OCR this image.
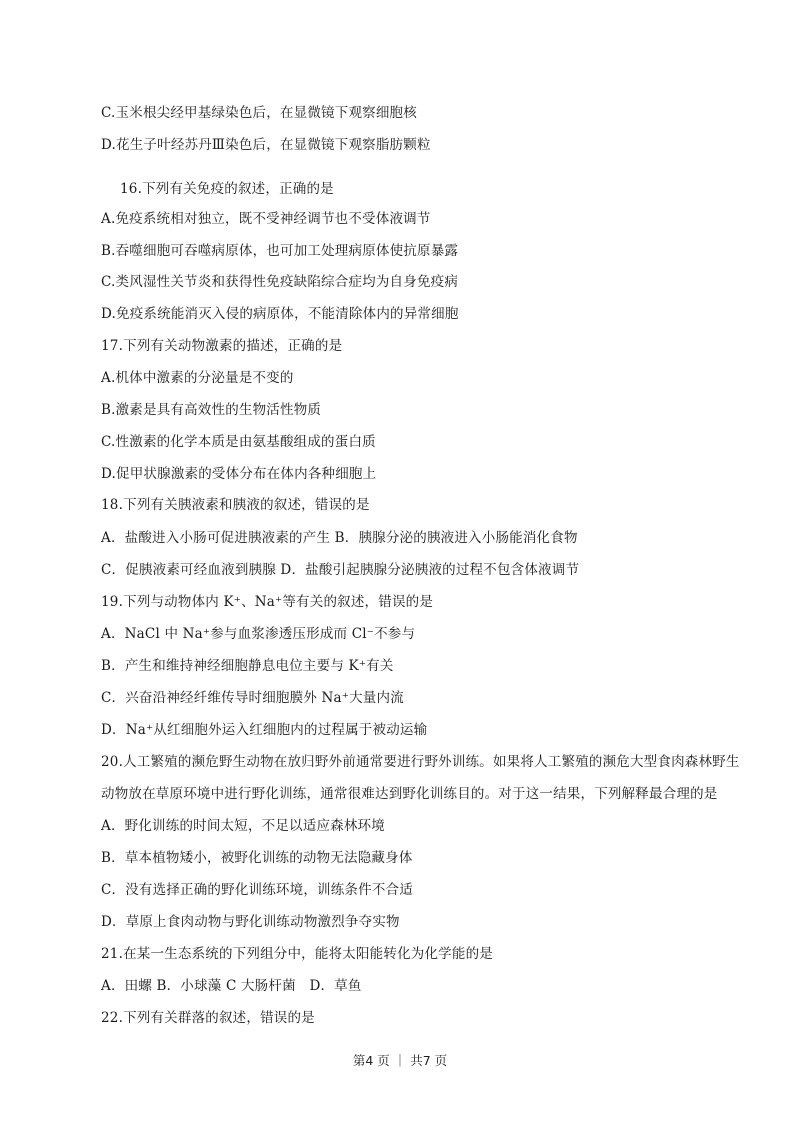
C.玉米根尖经甲基绿染色后，在显微镜下观察细胞核
D.花生子叶经苏丹Ⅲ染色后，在显微镜下观察脂肪颗粒
16.下列有关免疫的叙述，正确的是
A.免疫系统相对独立，既不受神经调节也不受体液调节
B.吞噬细胞可吞噬病原体，也可加工处理病原体使抗原暴露
C.类风湿性关节炎和获得性免疫缺陷综合症均为自身免疫病
D.免疫系统能消灭入侵的病原体，不能清除体内的异常细胞
17.下列有关动物激素的描述，正确的是
A.机体中激素的分泌量是不变的
B.激素是具有高效性的生物活性物质
C.性激素的化学本质是由氨基酸组成的蛋白质
D.促甲状腺激素的受体分布在体内各种细胞上
18.下列有关胰液素和胰液的叙述，错误的是
A．盐酸进入小肠可促进胰液素的产生 B．胰腺分泌的胰液进入小肠能消化食物
C．促胰液素可经血液到胰腺 D．盐酸引起胰腺分泌胰液的过程不包含体液调节
19.下列与动物体内 K⁺、Na⁺等有关的叙述，错误的是
A．NaCl 中 Na⁺参与血浆渗透压形成而 Cl⁻不参与
B．产生和维持神经细胞静息电位主要与 K⁺有关
C．兴奋沿神经纤维传导时细胞膜外 Na⁺大量内流
D．Na⁺从红细胞外运入红细胞内的过程属于被动运输
20.人工繁殖的濒危野生动物在放归野外前通常要进行野外训练。如果将人工繁殖的濒危大型食肉森林野生
动物放在草原环境中进行野化训练，通常很难达到野化训练目的。对于这一结果，下列解释最合理的是
A．野化训练的时间太短，不足以适应森林环境
B．草本植物矮小，被野化训练的动物无法隐藏身体
C．没有选择正确的野化训练环境，训练条件不合适
D．草原上食肉动物与野化训练动物激烈争夺实物
21.在某一生态系统的下列组分中，能将太阳能转化为化学能的是
A．田螺 B．小球藻 C 大肠杆菌　D．草鱼
22.下列有关群落的叙述，错误的是
第4 页 ｜ 共7 页
